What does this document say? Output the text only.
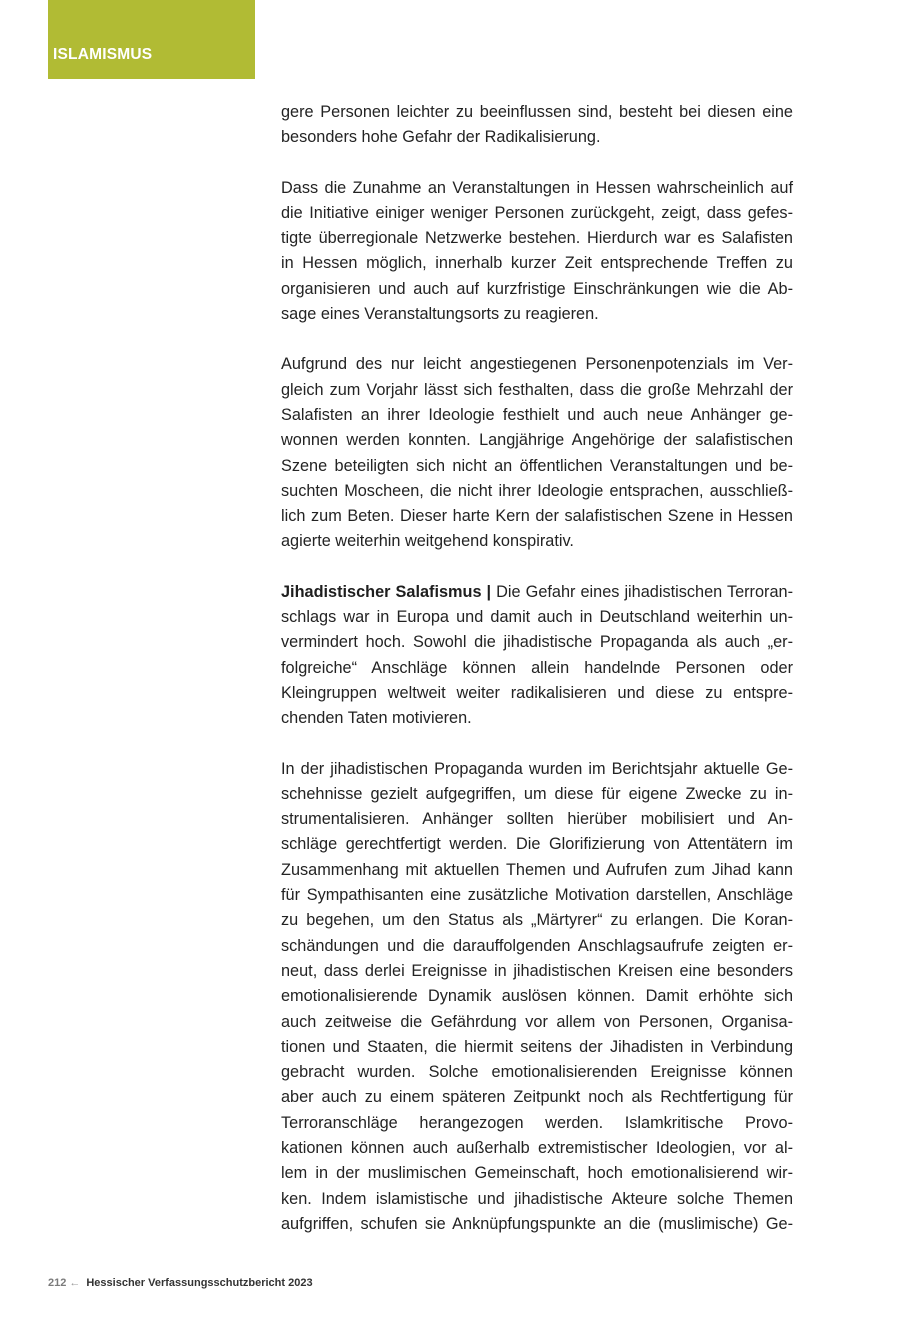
ISLAMISMUS
gere Personen leichter zu beeinflussen sind, besteht bei diesen eine
besonders hohe Gefahr der Radikalisierung.
Dass die Zunahme an Veranstaltungen in Hessen wahrscheinlich auf
die Initiative einiger weniger Personen zurückgeht, zeigt, dass gefes-
tigte überregionale Netzwerke bestehen. Hierdurch war es Salafisten
in Hessen möglich, innerhalb kurzer Zeit entsprechende Treffen zu
organisieren und auch auf kurzfristige Einschränkungen wie die Ab-
sage eines Veranstaltungsorts zu reagieren.
Aufgrund des nur leicht angestiegenen Personenpotenzials im Ver-
gleich zum Vorjahr lässt sich festhalten, dass die große Mehrzahl der
Salafisten an ihrer Ideologie festhielt und auch neue Anhänger ge-
wonnen werden konnten. Langjährige Angehörige der salafistischen
Szene beteiligten sich nicht an öffentlichen Veranstaltungen und be-
suchten Moscheen, die nicht ihrer Ideologie entsprachen, ausschließ-
lich zum Beten. Dieser harte Kern der salafistischen Szene in Hessen
agierte weiterhin weitgehend konspirativ.
Jihadistischer Salafismus | Die Gefahr eines jihadistischen Terroran-
schlags war in Europa und damit auch in Deutschland weiterhin un-
vermindert hoch. Sowohl die jihadistische Propaganda als auch „er-
folgreiche“ Anschläge können allein handelnde Personen oder
Kleingruppen weltweit weiter radikalisieren und diese zu entspre-
chenden Taten motivieren.
In der jihadistischen Propaganda wurden im Berichtsjahr aktuelle Ge-
schehnisse gezielt aufgegriffen, um diese für eigene Zwecke zu in-
strumentalisieren. Anhänger sollten hierüber mobilisiert und An-
schläge gerechtfertigt werden. Die Glorifizierung von Attentätern im
Zusammenhang mit aktuellen Themen und Aufrufen zum Jihad kann
für Sympathisanten eine zusätzliche Motivation darstellen, Anschläge
zu begehen, um den Status als „Märtyrer“ zu erlangen. Die Koran-
schändungen und die darauffolgenden Anschlagsaufrufe zeigten er-
neut, dass derlei Ereignisse in jihadistischen Kreisen eine besonders
emotionalisierende Dynamik auslösen können. Damit erhöhte sich
auch zeitweise die Gefährdung vor allem von Personen, Organisa-
tionen und Staaten, die hiermit seitens der Jihadisten in Verbindung
gebracht wurden. Solche emotionalisierenden Ereignisse können
aber auch zu einem späteren Zeitpunkt noch als Rechtfertigung für
Terroranschläge herangezogen werden. Islamkritische Provo-
kationen können auch außerhalb extremistischer Ideologien, vor al-
lem in der muslimischen Gemeinschaft, hoch emotionalisierend wir-
ken. Indem islamistische und jihadistische Akteure solche Themen
aufgriffen, schufen sie Anknüpfungspunkte an die (muslimische) Ge-
212 ← Hessischer Verfassungsschutzbericht 2023
